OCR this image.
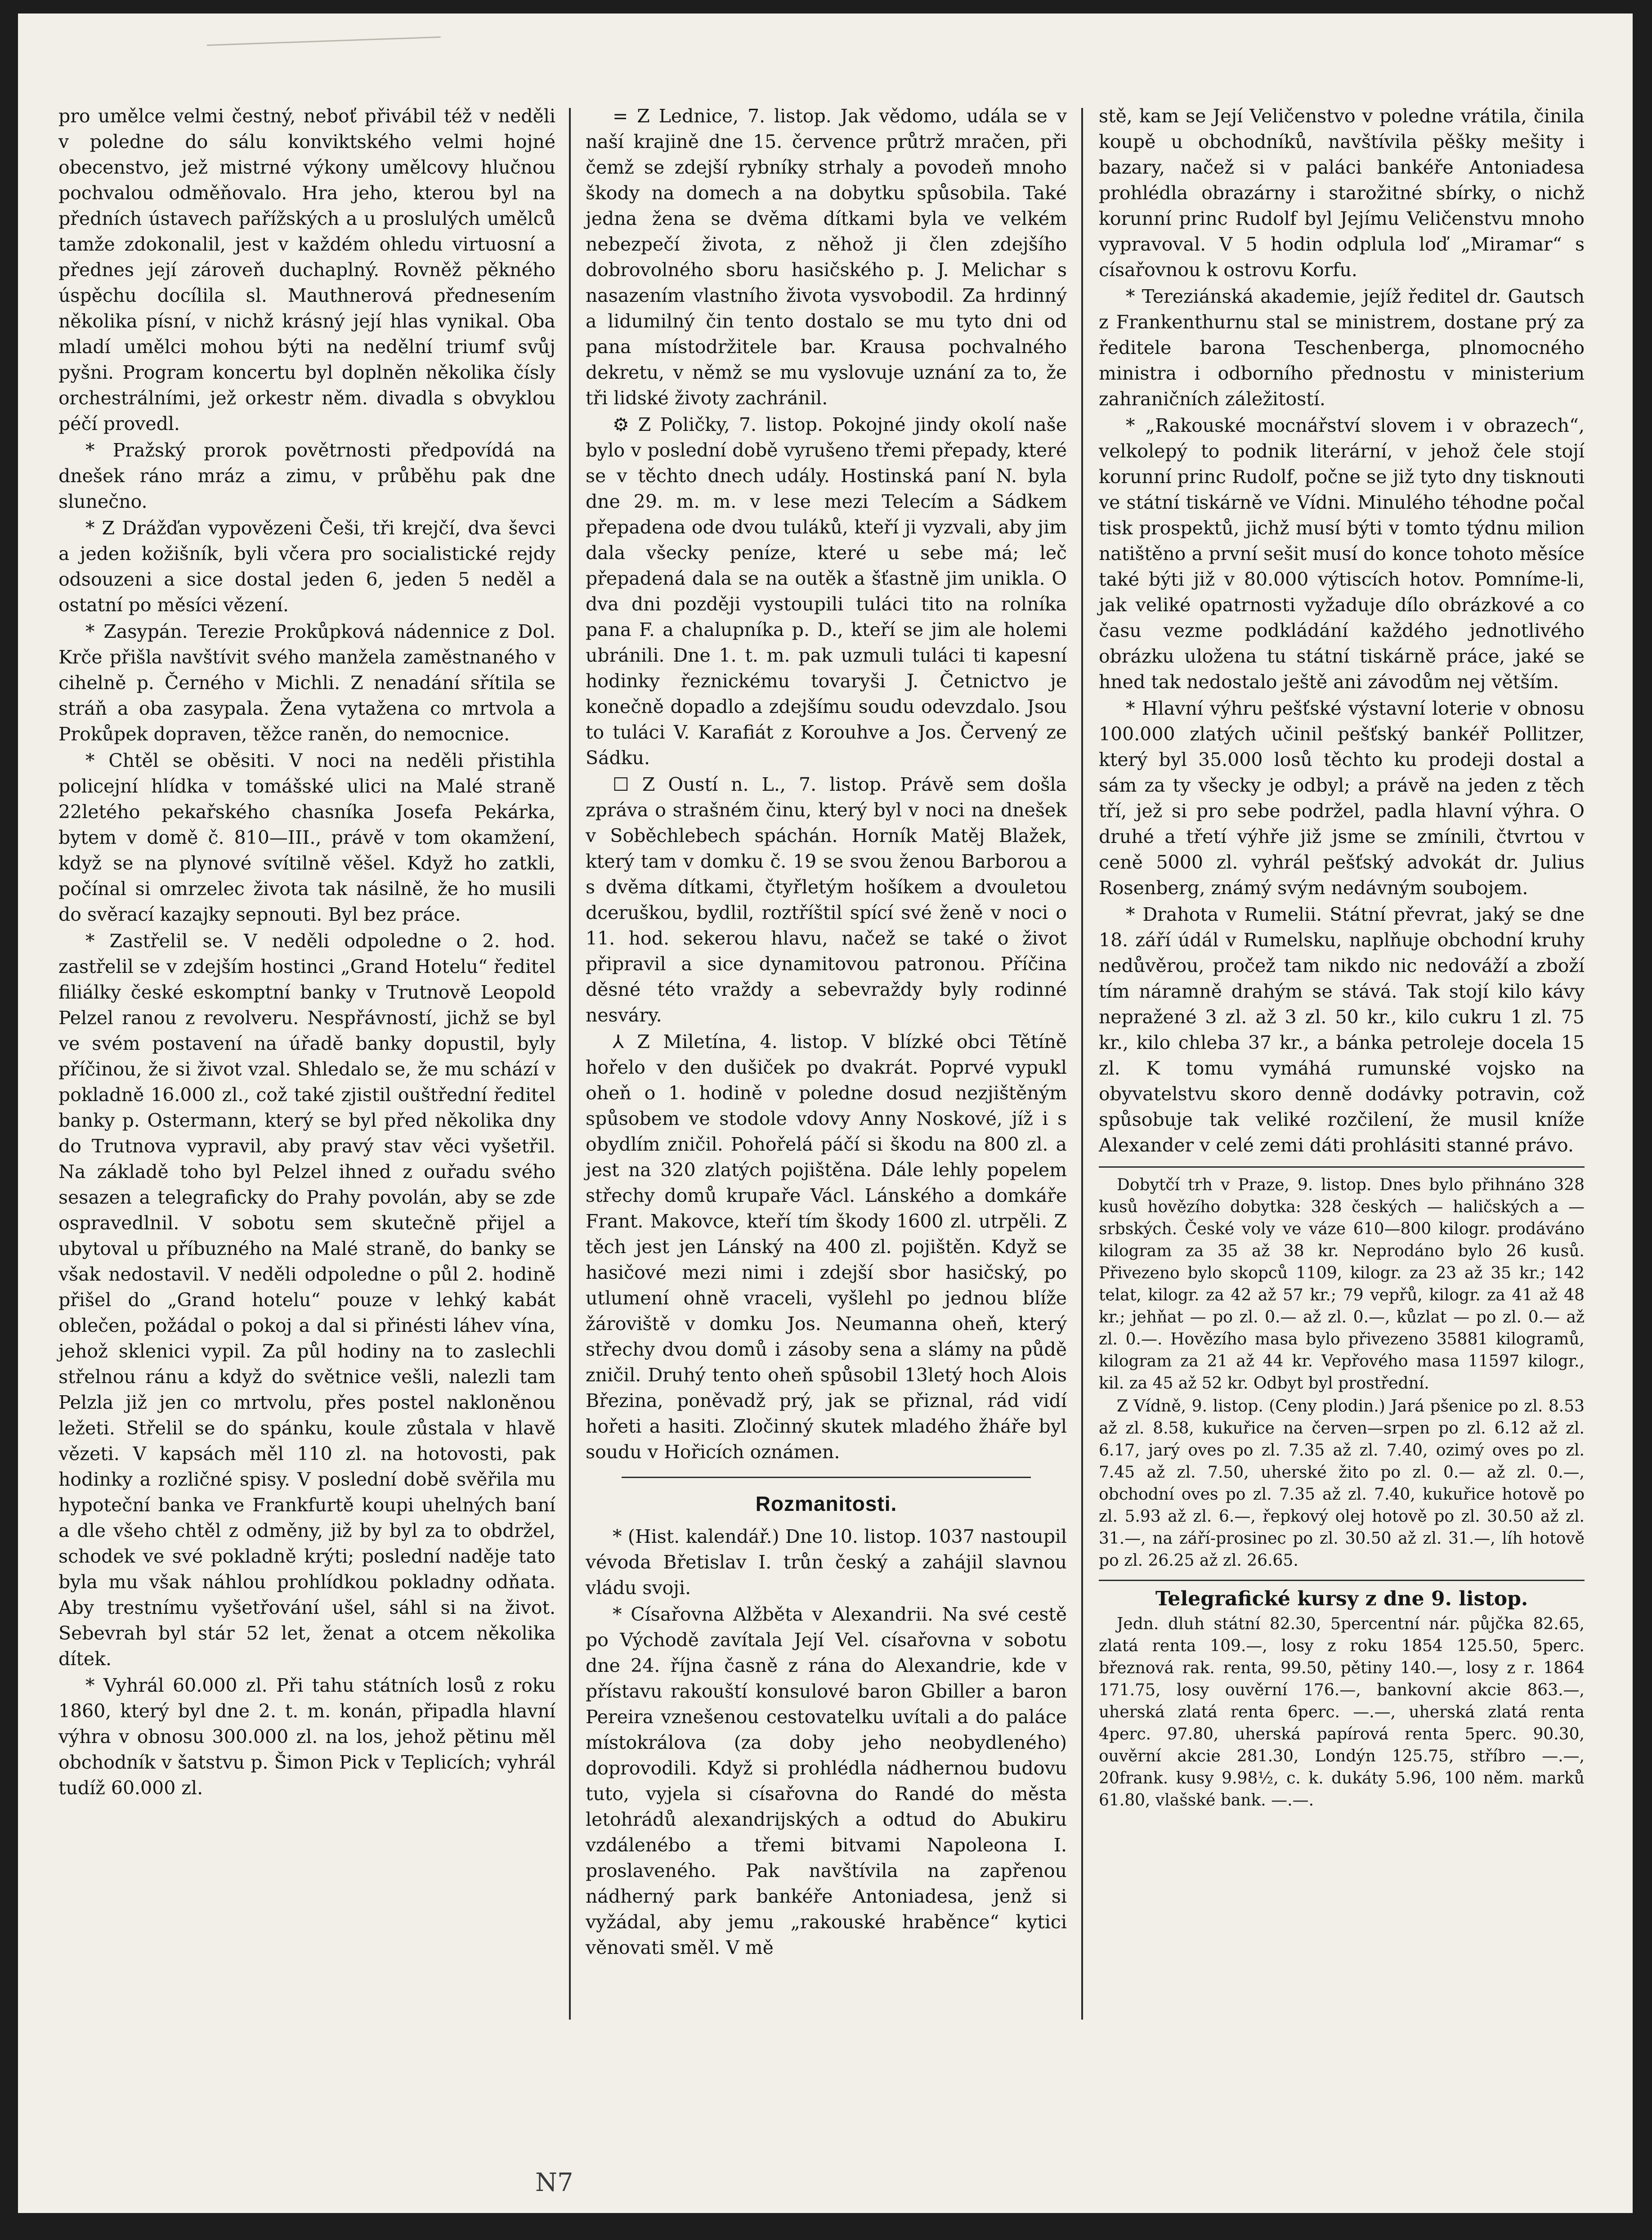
pro umělce velmi čestný, neboť přivábil též v neděli v poledne do sálu konviktského velmi hojné obecenstvo, jež mistrné výkony umělcovy hlučnou pochvalou odměňovalo. Hra jeho, kterou byl na předních ústavech pařížských a u proslulých umělců tamže zdokonalil, jest v každém ohledu virtuosní a přednes její zároveň duchaplný. Rovněž pěkného úspěchu docílila sl. Mauthnerová přednesením několika písní, v nichž krásný její hlas vynikal. Oba mladí umělci mohou býti na nedělní triumf svůj pyšni. Program koncertu byl doplněn několika čísly orchestrálními, jež orkestr něm. divadla s obvyklou péčí provedl.

* Pražský prorok povětrnosti předpovídá na dnešek ráno mráz a zimu, v průběhu pak dne slunečno.

* Z Drážďan vypovězeni Češi, tři krejčí, dva ševci a jeden kožišník, byli včera pro socialistické rejdy odsouzeni a sice dostal jeden 6, jeden 5 neděl a ostatní po měsíci vězení.

* Zasypán. Terezie Prokůpková nádennice z Dol. Krče přišla navštívit svého manžela zaměstnaného v cihelně p. Černého v Michli. Z nenadání sřítila se stráň a oba zasypala. Žena vytažena co mrtvola a Prokůpek dopraven, těžce raněn, do nemocnice.

* Chtěl se oběsiti. V noci na neděli přistihla policejní hlídka v tomášské ulici na Malé straně 22letého pekařského chasníka Josefa Pekárka, bytem v domě č. 810—III., právě v tom okamžení, když se na plynové svítilně věšel. Když ho zatkli, počínal si omrzelec života tak násilně, že ho musili do svěrací kazajky sepnouti. Byl bez práce.

* Zastřelil se. V neděli odpoledne o 2. hod. zastřelil se v zdejším hostinci „Grand Hotelu“ ředitel filiálky české eskomptní banky v Trutnově Leopold Pelzel ranou z revolveru. Nespřávností, jichž se byl ve svém postavení na úřadě banky dopustil, byly příčinou, že si život vzal. Shledalo se, že mu schází v pokladně 16.000 zl., což také zjistil ouštřední ředitel banky p. Ostermann, který se byl před několika dny do Trutnova vypravil, aby pravý stav věci vyšetřil. Na základě toho byl Pelzel ihned z ouřadu svého sesazen a telegraficky do Prahy povolán, aby se zde ospravedlnil. V sobotu sem skutečně přijel a ubytoval u příbuzného na Malé straně, do banky se však nedostavil. V neděli odpoledne o půl 2. hodině přišel do „Grand hotelu“ pouze v lehký kabát oblečen, požádal o pokoj a dal si přinésti láhev vína, jehož sklenici vypil. Za půl hodiny na to zaslechli střelnou ránu a když do světnice vešli, nalezli tam Pelzla již jen co mrtvolu, přes postel nakloněnou ležeti. Střelil se do spánku, koule zůstala v hlavě vězeti. V kapsách měl 110 zl. na hotovosti, pak hodinky a rozličné spisy. V poslední době svěřila mu hypoteční banka ve Frankfurtě koupi uhelných baní a dle všeho chtěl z odměny, již by byl za to obdržel, schodek ve své pokladně krýti; poslední naděje tato byla mu však náhlou prohlídkou pokladny odňata. Aby trestnímu vyšetřování ušel, sáhl si na život. Sebevrah byl stár 52 let, ženat a otcem několika dítek.

* Vyhrál 60.000 zl. Při tahu státních losů z roku 1860, který byl dne 2. t. m. konán, připadla hlavní výhra v obnosu 300.000 zl. na los, jehož pětinu měl obchodník v šatstvu p. Šimon Pick v Teplicích; vyhrál tudíž 60.000 zl.

= Z Lednice, 7. listop. Jak vědomo, udála se v naší krajině dne 15. července průtrž mračen, při čemž se zdejší rybníky strhaly a povodeň mnoho škody na domech a na dobytku spůsobila. Také jedna žena se dvěma dítkami byla ve velkém nebezpečí života, z něhož ji člen zdejšího dobrovolného sboru hasičského p. J. Melichar s nasazením vlastního života vysvobodil. Za hrdinný a lidumilný čin tento dostalo se mu tyto dni od pana místodržitele bar. Krausa pochvalného dekretu, v němž se mu vyslovuje uznání za to, že tři lidské životy zachránil.

⚙ Z Poličky, 7. listop. Pokojné jindy okolí naše bylo v poslední době vyrušeno třemi přepady, které se v těchto dnech udály. Hostinská paní N. byla dne 29. m. m. v lese mezi Telecím a Sádkem přepadena ode dvou tuláků, kteří ji vyzvali, aby jim dala všecky peníze, které u sebe má; leč přepadená dala se na outěk a šťastně jim unikla. O dva dni později vystoupili tuláci tito na rolníka pana F. a chalupníka p. D., kteří se jim ale holemi ubránili. Dne 1. t. m. pak uzmuli tuláci ti kapesní hodinky řeznickému tovaryši J. Četnictvo je konečně dopadlo a zdejšímu soudu odevzdalo. Jsou to tuláci V. Karafiát z Korouhve a Jos. Červený ze Sádku.

☐ Z Oustí n. L., 7. listop. Právě sem došla zpráva o strašném činu, který byl v noci na dnešek v Soběchlebech spáchán. Horník Matěj Blažek, který tam v domku č. 19 se svou ženou Barborou a s dvěma dítkami, čtyřletým hošíkem a dvouletou dceruškou, bydlil, roztříštil spící své ženě v noci o 11. hod. sekerou hlavu, načež se také o život připravil a sice dynamitovou patronou. Příčina děsné této vraždy a sebevraždy byly rodinné nesváry.

⅄ Z Miletína, 4. listop. V blízké obci Tětíně hořelo v den dušiček po dvakrát. Poprvé vypukl oheň o 1. hodině v poledne dosud nezjištěným spůsobem ve stodole vdovy Anny Noskové, jíž i s obydlím zničil. Pohořelá páčí si škodu na 800 zl. a jest na 320 zlatých pojištěna. Dále lehly popelem střechy domů krupaře Václ. Lánského a domkáře Frant. Makovce, kteří tím škody 1600 zl. utrpěli. Z těch jest jen Lánský na 400 zl. pojištěn. Když se hasičové mezi nimi i zdejší sbor hasičský, po utlumení ohně vraceli, vyšlehl po jednou blíže žároviště v domku Jos. Neumanna oheň, který střechy dvou domů i zásoby sena a slámy na půdě zničil. Druhý tento oheň spůsobil 13letý hoch Alois Březina, poněvadž prý, jak se přiznal, rád vidí hořeti a hasiti. Zločinný skutek mladého žháře byl soudu v Hořicích oznámen.

Rozmanitosti.

* (Hist. kalendář.) Dne 10. listop. 1037 nastoupil vévoda Břetislav I. trůn český a zahájil slavnou vládu svoji.

* Císařovna Alžběta v Alexandrii. Na své cestě po Východě zavítala Její Vel. císařovna v sobotu dne 24. října časně z rána do Alexandrie, kde v přístavu rakouští konsulové baron Gbiller a baron Pereira vznešenou cestovatelku uvítali a do paláce místokrálova (za doby jeho neobydleného) doprovodili. Když si prohlédla nádhernou budovu tuto, vyjela si císařovna do Randé do města letohrádů alexandrijských a odtud do Abukiru vzdálenébo a třemi bitvami Napoleona I. proslaveného. Pak navštívila na zapřenou nádherný park bankéře Antoniadesa, jenž si vyžádal, aby jemu „rakouské hraběnce“ kytici věnovati směl. V mě

stě, kam se Její Veličenstvo v poledne vrátila, činila koupě u obchodníků, navštívila pěšky mešity i bazary, načež si v paláci bankéře Antoniadesa prohlédla obrazárny i starožitné sbírky, o nichž korunní princ Rudolf byl Jejímu Veličenstvu mnoho vypravoval. V 5 hodin odplula loď „Miramar“ s císařovnou k ostrovu Korfu.

* Tereziánská akademie, jejíž ředitel dr. Gautsch z Frankenthurnu stal se ministrem, dostane prý za ředitele barona Teschenberga, plnomocného ministra i odborního přednostu v ministerium zahraničních záležitostí.

* „Rakouské mocnářství slovem i v obrazech“, velkolepý to podnik literární, v jehož čele stojí korunní princ Rudolf, počne se již tyto dny tisknouti ve státní tiskárně ve Vídni. Minulého téhodne počal tisk prospektů, jichž musí býti v tomto týdnu milion natištěno a první sešit musí do konce tohoto měsíce také býti již v 80.000 výtiscích hotov. Pomníme-li, jak veliké opatrnosti vyžaduje dílo obrázkové a co času vezme podkládání každého jednotlivého obrázku uložena tu státní tiskárně práce, jaké se hned tak nedostalo ještě ani závodům nej větším.

* Hlavní výhru pešťské výstavní loterie v obnosu 100.000 zlatých učinil pešťský bankéř Pollitzer, který byl 35.000 losů těchto ku prodeji dostal a sám za ty všecky je odbyl; a právě na jeden z těch tří, jež si pro sebe podržel, padla hlavní výhra. O druhé a třetí výhře již jsme se zmínili, čtvrtou v ceně 5000 zl. vyhrál pešťský advokát dr. Julius Rosenberg, známý svým nedávným soubojem.

* Drahota v Rumelii. Státní převrat, jaký se dne 18. září údál v Rumelsku, naplňuje obchodní kruhy nedůvěrou, pročež tam nikdo nic nedováží a zboží tím náramně drahým se stává. Tak stojí kilo kávy nepražené 3 zl. až 3 zl. 50 kr., kilo cukru 1 zl. 75 kr., kilo chleba 37 kr., a bánka petroleje docela 15 zl. K tomu vymáhá rumunské vojsko na obyvatelstvu skoro denně dodávky potravin, což spůsobuje tak veliké rozčilení, že musil kníže Alexander v celé zemi dáti prohlásiti stanné právo.

Dobytčí trh v Praze, 9. listop. Dnes bylo přihnáno 328 kusů hovězího dobytka: 328 českých — haličských a — srbských. České voly ve váze 610—800 kilogr. prodáváno kilogram za 35 až 38 kr. Neprodáno bylo 26 kusů. Přivezeno bylo skopců 1109, kilogr. za 23 až 35 kr.; 142 telat, kilogr. za 42 až 57 kr.; 79 vepřů, kilogr. za 41 až 48 kr.; jehňat — po zl. 0.— až zl. 0.—, kůzlat — po zl. 0.— až zl. 0.—. Hovězího masa bylo přivezeno 35881 kilogramů, kilogram za 21 až 44 kr. Vepřového masa 11597 kilogr., kil. za 45 až 52 kr. Odbyt byl prostřední.

Z Vídně, 9. listop. (Ceny plodin.) Jará pšenice po zl. 8.53 až zl. 8.58, kukuřice na červen—srpen po zl. 6.12 až zl. 6.17, jarý oves po zl. 7.35 až zl. 7.40, ozimý oves po zl. 7.45 až zl. 7.50, uherské žito po zl. 0.— až zl. 0.—, obchodní oves po zl. 7.35 až zl. 7.40, kukuřice hotově po zl. 5.93 až zl. 6.—, řepkový olej hotově po zl. 30.50 až zl. 31.—, na září-prosinec po zl. 30.50 až zl. 31.—, líh hotově po zl. 26.25 až zl. 26.65.

Telegrafické kursy z dne 9. listop.

Jedn. dluh státní 82.30, 5percentní nár. půjčka 82.65, zlatá renta 109.—, losy z roku 1854 125.50, 5perc. březnová rak. renta, 99.50, pětiny 140.—, losy z r. 1864 171.75, losy ouvěrní 176.—, bankovní akcie 863.—, uherská zlatá renta 6perc. —.—, uherská zlatá renta 4perc. 97.80, uherská papírová renta 5perc. 90.30, ouvěrní akcie 281.30, Londýn 125.75, stříbro —.—, 20frank. kusy 9.98½, c. k. dukáty 5.96, 100 něm. marků 61.80, vlašské bank. —.—.

N7
